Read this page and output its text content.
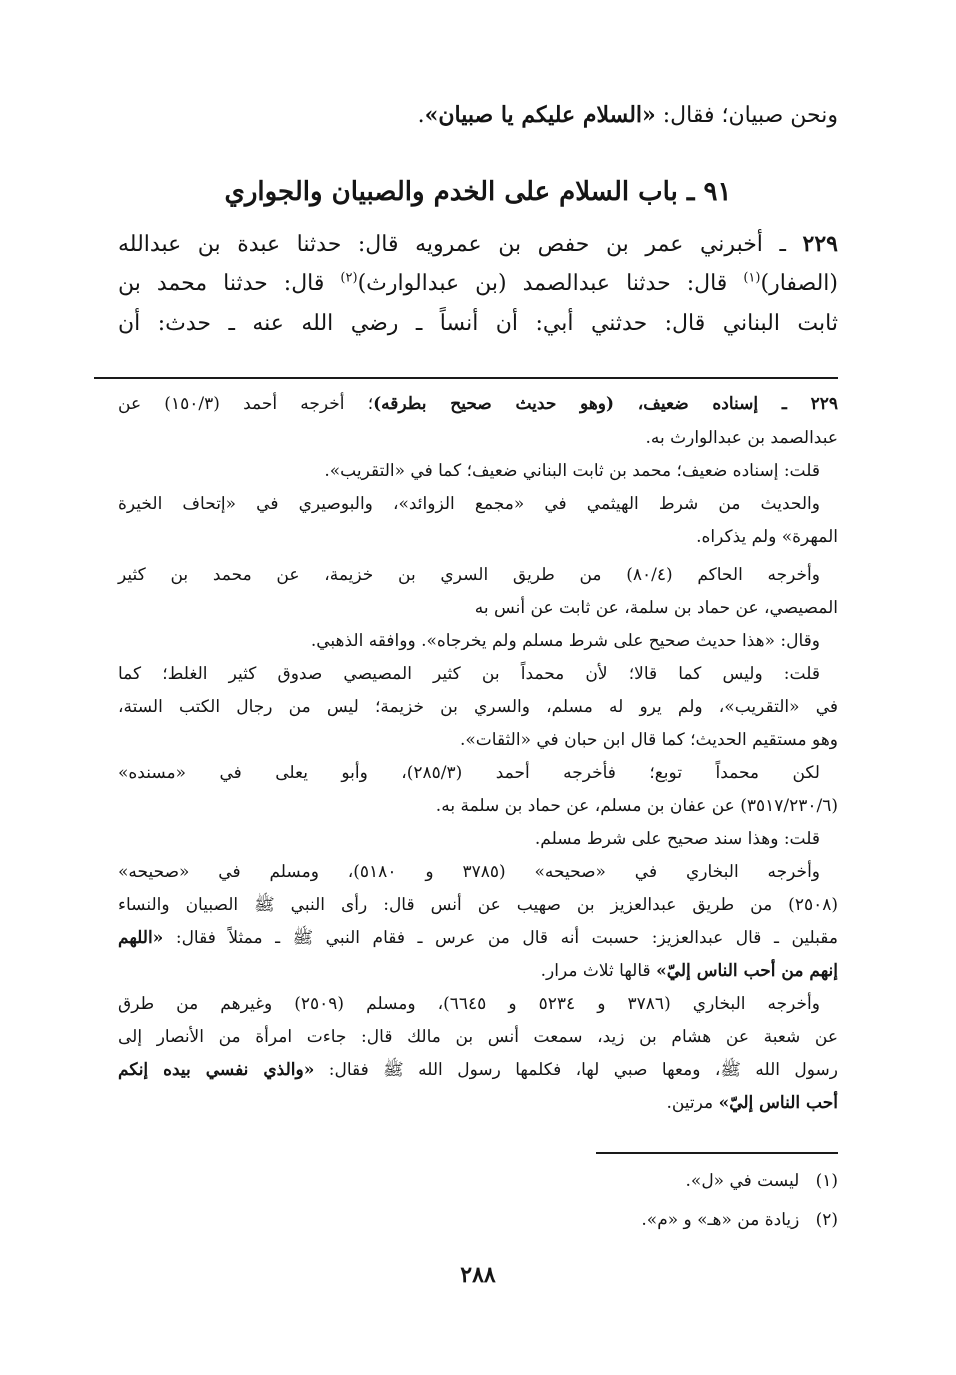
ونحن صبيان؛ فقال: «السلام عليكم يا صبيان».
٩١ ـ باب السلام على الخدم والصبيان والجواري
٢٢٩ ـ أخبرني عمر بن حفص بن عمرويه قال: حدثنا عبدة بن عبدالله
(الصفار)$^{(١)}$ قال: حدثنا عبدالصمد (بن عبدالوارث)$^{(٢)}$ قال: حدثنا محمد بن
ثابت البناني قال: حدثني أبي: أن أنساً ـ رضي الله عنه ـ حدث: أن
٢٢٩ ـ إسناده ضعيف، (وهو حديث صحيح بطرقه)؛ أخرجه أحمد (١٥٠/٣) عن
عبدالصمد بن عبدالوارث به.
قلت: إسناده ضعيف؛ محمد بن ثابت البناني ضعيف؛ كما في «التقريب».
والحديث من شرط الهيثمي في «مجمع الزوائد»، والبوصيري في «إتحاف الخيرة
المهرة» ولم يذكراه.
وأخرجه الحاكم (٨٠/٤) من طريق السري بن خزيمة، عن محمد بن كثير
المصيصي، عن حماد بن سلمة، عن ثابت عن أنس به
وقال: «هذا حديث صحيح على شرط مسلم ولم يخرجاه». ووافقه الذهبي.
قلت: وليس كما قالا؛ لأن محمداً بن كثير المصيصي صدوق كثير الغلط؛ كما
في «التقريب»، ولم يرو له مسلم، والسري بن خزيمة؛ ليس من رجال الكتب الستة،
وهو مستقيم الحديث؛ كما قال ابن حبان في «الثقات».
لكن محمداً توبع؛ فأخرجه أحمد (٢٨٥/٣)، وأبو يعلى في «مسنده»
(٣٥١٧/٢٣٠/٦) عن عفان بن مسلم، عن حماد بن سلمة به.
قلت: وهذا سند صحيح على شرط مسلم.
وأخرجه البخاري في «صحيحه» (٣٧٨٥ و ٥١٨٠)، ومسلم في «صحيحه»
(٢٥٠٨) من طريق عبدالعزيز بن صهيب عن أنس قال: رأى النبي ﷺ الصبيان والنساء
مقبلين ـ قال عبدالعزيز: حسبت أنه قال من عرس ـ فقام النبي ﷺ ـ ممثلاً فقال: «اللهم
إنهم من أحب الناس إليّ» قالها ثلاث مرار.
وأخرجه البخاري (٣٧٨٦ و ٥٢٣٤ و ٦٦٤٥)، ومسلم (٢٥٠٩) وغيرهم من طرق
عن شعبة عن هشام بن زيد، سمعت أنس بن مالك قال: جاءت امرأة من الأنصار إلى
رسول الله ﷺ، ومعها صبي لها، فكلمها رسول الله ﷺ فقال: «والذي نفسي بيده إنكم
أحب الناس إليّ» مرتين.
(١)   ليست في «ل».
(٢)   زيادة من «هـ» و «م».
٢٨٨
